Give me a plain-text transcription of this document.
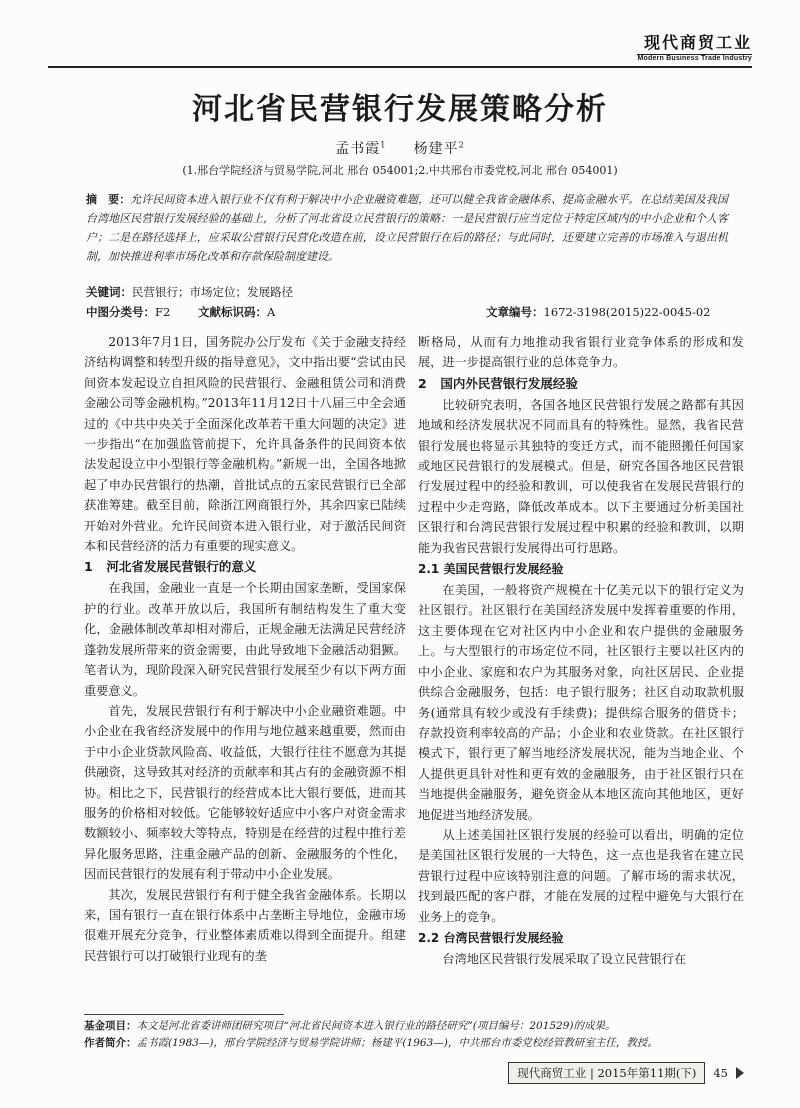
现代商贸工业
Modern Business Trade Industry
河北省民营银行发展策略分析
孟书霞$^1$ 杨建平$^2$
(1.邢台学院经济与贸易学院,河北 邢台 054001;2.中共邢台市委党校,河北 邢台 054001)
摘　要：允许民间资本进入银行业不仅有利于解决中小企业融资难题，还可以健全我省金融体系、提高金融水平。在总结美国及我国台湾地区民营银行发展经验的基础上，分析了河北省设立民营银行的策略：一是民营银行应当定位于特定区域内的中小企业和个人客户；二是在路径选择上，应采取公营银行民营化改造在前，设立民营银行在后的路径；与此同时，还要建立完善的市场准入与退出机制，加快推进利率市场化改革和存款保险制度建设。
关键词：民营银行；市场定位；发展路径
中图分类号：F2 文献标识码：A	文章编号：1672-3198(2015)22-0045-02

2013年7月1日，国务院办公厅发布《关于金融支持经济结构调整和转型升级的指导意见》，文中指出要“尝试由民间资本发起设立自担风险的民营银行、金融租赁公司和消费金融公司等金融机构。”2013年11月12日十八届三中全会通过的《中共中央关于全面深化改革若干重大问题的决定》进一步指出“在加强监管前提下，允许具备条件的民间资本依法发起设立中小型银行等金融机构。”新规一出，全国各地掀起了申办民营银行的热潮，首批试点的五家民营银行已全部获准筹建。截至目前，除浙江网商银行外，其余四家已陆续开始对外营业。允许民间资本进入银行业，对于激活民间资本和民营经济的活力有重要的现实意义。

1 河北省发展民营银行的意义

在我国，金融业一直是一个长期由国家垄断，受国家保护的行业。改革开放以后，我国所有制结构发生了重大变化，金融体制改革却相对滞后，正规金融无法满足民营经济蓬勃发展所带来的资金需要，由此导致地下金融活动猖獗。笔者认为，现阶段深入研究民营银行发展至少有以下两方面重要意义。

首先，发展民营银行有利于解决中小企业融资难题。中小企业在我省经济发展中的作用与地位越来越重要，然而由于中小企业贷款风险高、收益低，大银行往往不愿意为其提供融资，这导致其对经济的贡献率和其占有的金融资源不相协。相比之下，民营银行的经营成本比大银行要低，进而其服务的价格相对较低。它能够较好适应中小客户对资金需求数额较小、频率较大等特点，特别是在经营的过程中推行差异化服务思路，注重金融产品的创新、金融服务的个性化，因而民营银行的发展有利于带动中小企业发展。

其次，发展民营银行有利于健全我省金融体系。长期以来，国有银行一直在银行体系中占垄断主导地位，金融市场很难开展充分竞争，行业整体素质难以得到全面提升。组建民营银行可以打破银行业现有的垄

断格局，从而有力地推动我省银行业竞争体系的形成和发展，进一步提高银行业的总体竞争力。

2 国内外民营银行发展经验

比较研究表明，各国各地区民营银行发展之路都有其因地域和经济发展状况不同而具有的特殊性。显然，我省民营银行发展也将显示其独特的变迁方式，而不能照搬任何国家或地区民营银行的发展模式。但是，研究各国各地区民营银行发展过程中的经验和教训，可以使我省在发展民营银行的过程中少走弯路，降低改革成本。以下主要通过分析美国社区银行和台湾民营银行发展过程中积累的经验和教训，以期能为我省民营银行发展得出可行思路。

2.1 美国民营银行发展经验

在美国，一般将资产规模在十亿美元以下的银行定义为社区银行。社区银行在美国经济发展中发挥着重要的作用，这主要体现在它对社区内中小企业和农户提供的金融服务上。与大型银行的市场定位不同，社区银行主要以社区内的中小企业、家庭和农户为其服务对象，向社区居民、企业提供综合金融服务，包括：电子银行服务；社区自动取款机服务(通常具有较少或没有手续费)；提供综合服务的借贷卡；存款投资利率较高的产品；小企业和农业贷款。在社区银行模式下，银行更了解当地经济发展状况，能为当地企业、个人提供更具针对性和更有效的金融服务，由于社区银行只在当地提供金融服务，避免资金从本地区流向其他地区，更好地促进当地经济发展。

从上述美国社区银行发展的经验可以看出，明确的定位是美国社区银行发展的一大特色，这一点也是我省在建立民营银行过程中应该特别注意的问题。了解市场的需求状况，找到最匹配的客户群，才能在发展的过程中避免与大银行在业务上的竞争。

2.2 台湾民营银行发展经验

台湾地区民营银行发展采取了设立民营银行在

基金项目：本文是河北省委讲师团研究项目“河北省民间资本进入银行业的路径研究”(项目编号：201529)的成果。
作者简介：孟书霞(1983—)，邢台学院经济与贸易学院讲师；杨建平(1963—)，中共邢台市委党校经管教研室主任，教授。
现代商贸工业 | 2015年第11期(下)	45
